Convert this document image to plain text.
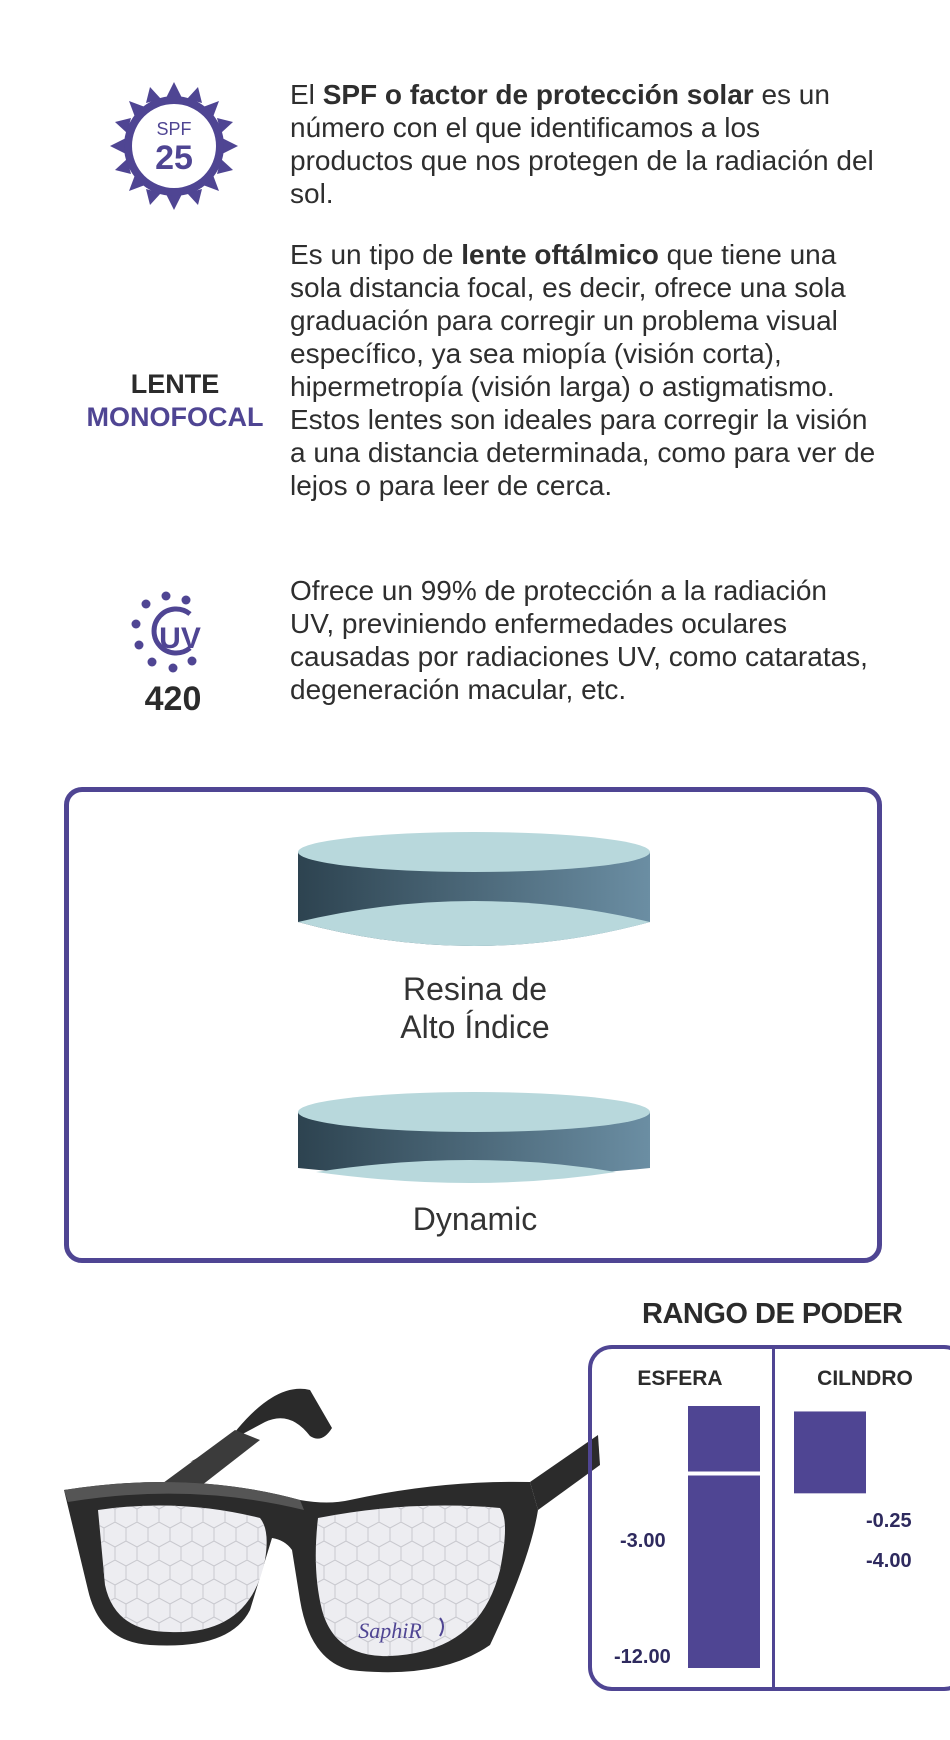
SPF
25
El SPF o factor de protección solar es un número con el que identificamos a los productos que nos protegen de la radiación del sol.
LENTE
MONOFOCAL
Es un tipo de lente oftálmico que tiene una sola distancia focal, es decir, ofrece una sola graduación para corregir un problema visual específico, ya sea miopía (visión corta), hipermetropía (visión larga) o astigmatismo. Estos lentes son ideales para corregir la visión a una distancia determinada, como para ver de lejos o para leer de cerca.
UV
420
Ofrece un 99% de protección a la radiación UV, previniendo enfermedades oculares causadas por radiaciones UV, como cataratas, degeneración macular, etc.
Resina de
Alto Índice
Dynamic
SaphiR
RANGO DE PODER
ESFERA	CILNDRO
-3.00
-12.00
-0.25
-4.00
